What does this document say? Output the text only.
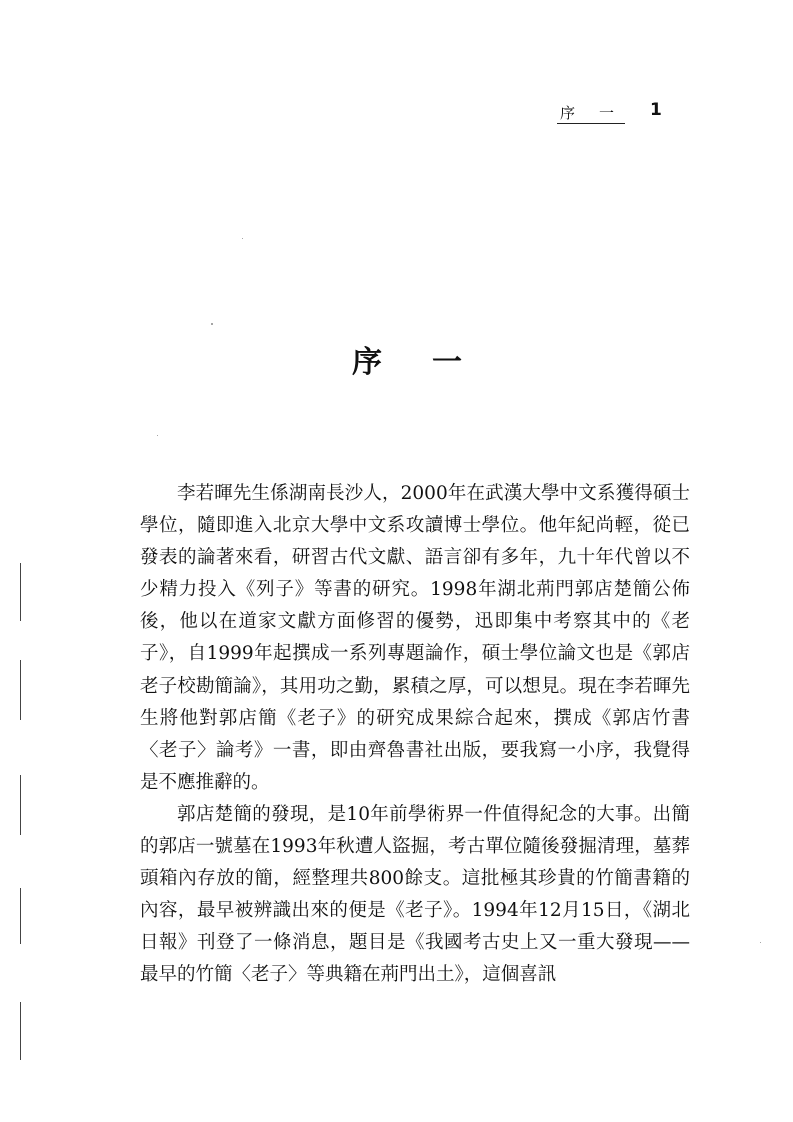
序一 1
序一

李若暉先生係湖南長沙人，2000年在武漢大學中文系獲得碩士學位，隨即進入北京大學中文系攻讀博士學位。他年紀尚輕，從已發表的論著來看，研習古代文獻、語言卻有多年，九十年代曾以不少精力投入《列子》等書的研究。1998年湖北荊門郭店楚簡公佈後，他以在道家文獻方面修習的優勢，迅即集中考察其中的《老子》，自1999年起撰成一系列專題論作，碩士學位論文也是《郭店老子校勘簡論》，其用功之勤，累積之厚，可以想見。現在李若暉先生將他對郭店簡《老子》的研究成果綜合起來，撰成《郭店竹書〈老子〉論考》一書，即由齊魯書社出版，要我寫一小序，我覺得是不應推辭的。

郭店楚簡的發現，是10年前學術界一件值得紀念的大事。出簡的郭店一號墓在1993年秋遭人盜掘，考古單位隨後發掘清理，墓葬頭箱內存放的簡，經整理共800餘支。這批極其珍貴的竹簡書籍的內容，最早被辨識出來的便是《老子》。1994年12月15日，《湖北日報》刊登了一條消息，題目是《我國考古史上又一重大發現——最早的竹簡〈老子〉等典籍在荊門出土》，這個喜訊
